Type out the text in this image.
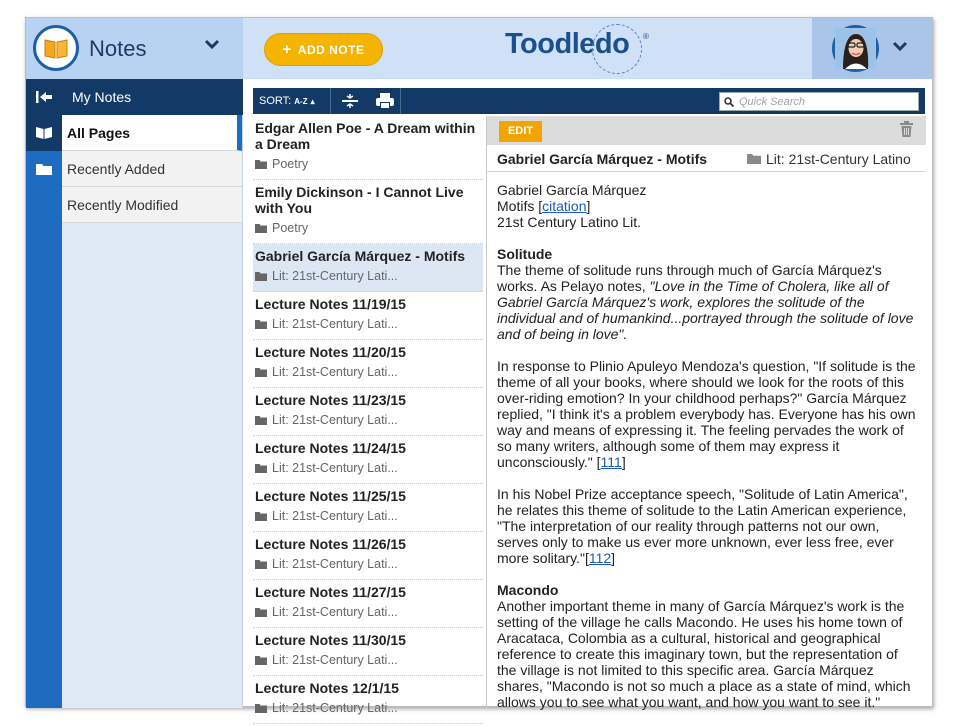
Notes	+ ADD NOTE	Toodledo ®
My Notes
All Pages
Recently Added
Recently Modified
SORT: A-Z ▴
Quick Search
Edgar Allen Poe - A Dream within a Dream
Poetry
Emily Dickinson - I Cannot Live with You
Poetry
Gabriel García Márquez - Motifs
Lit: 21st-Century Lati...
Lecture Notes 11/19/15
Lit: 21st-Century Lati...
Lecture Notes 11/20/15
Lit: 21st-Century Lati...
Lecture Notes 11/23/15
Lit: 21st-Century Lati...
Lecture Notes 11/24/15
Lit: 21st-Century Lati...
Lecture Notes 11/25/15
Lit: 21st-Century Lati...
Lecture Notes 11/26/15
Lit: 21st-Century Lati...
Lecture Notes 11/27/15
Lit: 21st-Century Lati...
Lecture Notes 11/30/15
Lit: 21st-Century Lati...
Lecture Notes 12/1/15
Lit: 21st-Century Lati...
EDIT
Gabriel García Márquez - Motifs	Lit: 21st-Century Latino

Gabriel García Márquez
Motifs [citation]
21st Century Latino Lit.

Solitude
The theme of solitude runs through much of García Márquez's works. As Pelayo notes, "Love in the Time of Cholera, like all of Gabriel García Márquez's work, explores the solitude of the individual and of humankind...portrayed through the solitude of love and of being in love".

In response to Plinio Apuleyo Mendoza's question, "If solitude is the theme of all your books, where should we look for the roots of this over-riding emotion? In your childhood perhaps?" García Márquez replied, "I think it's a problem everybody has. Everyone has his own way and means of expressing it. The feeling pervades the work of so many writers, although some of them may express it unconsciously." [111]

In his Nobel Prize acceptance speech, "Solitude of Latin America", he relates this theme of solitude to the Latin American experience, "The interpretation of our reality through patterns not our own, serves only to make us ever more unknown, ever less free, ever more solitary."[112]

Macondo
Another important theme in many of García Márquez's work is the setting of the village he calls Macondo. He uses his home town of Aracataca, Colombia as a cultural, historical and geographical reference to create this imaginary town, but the representation of the village is not limited to this specific area. García Márquez shares, "Macondo is not so much a place as a state of mind, which allows you to see what you want, and how you want to see it."
